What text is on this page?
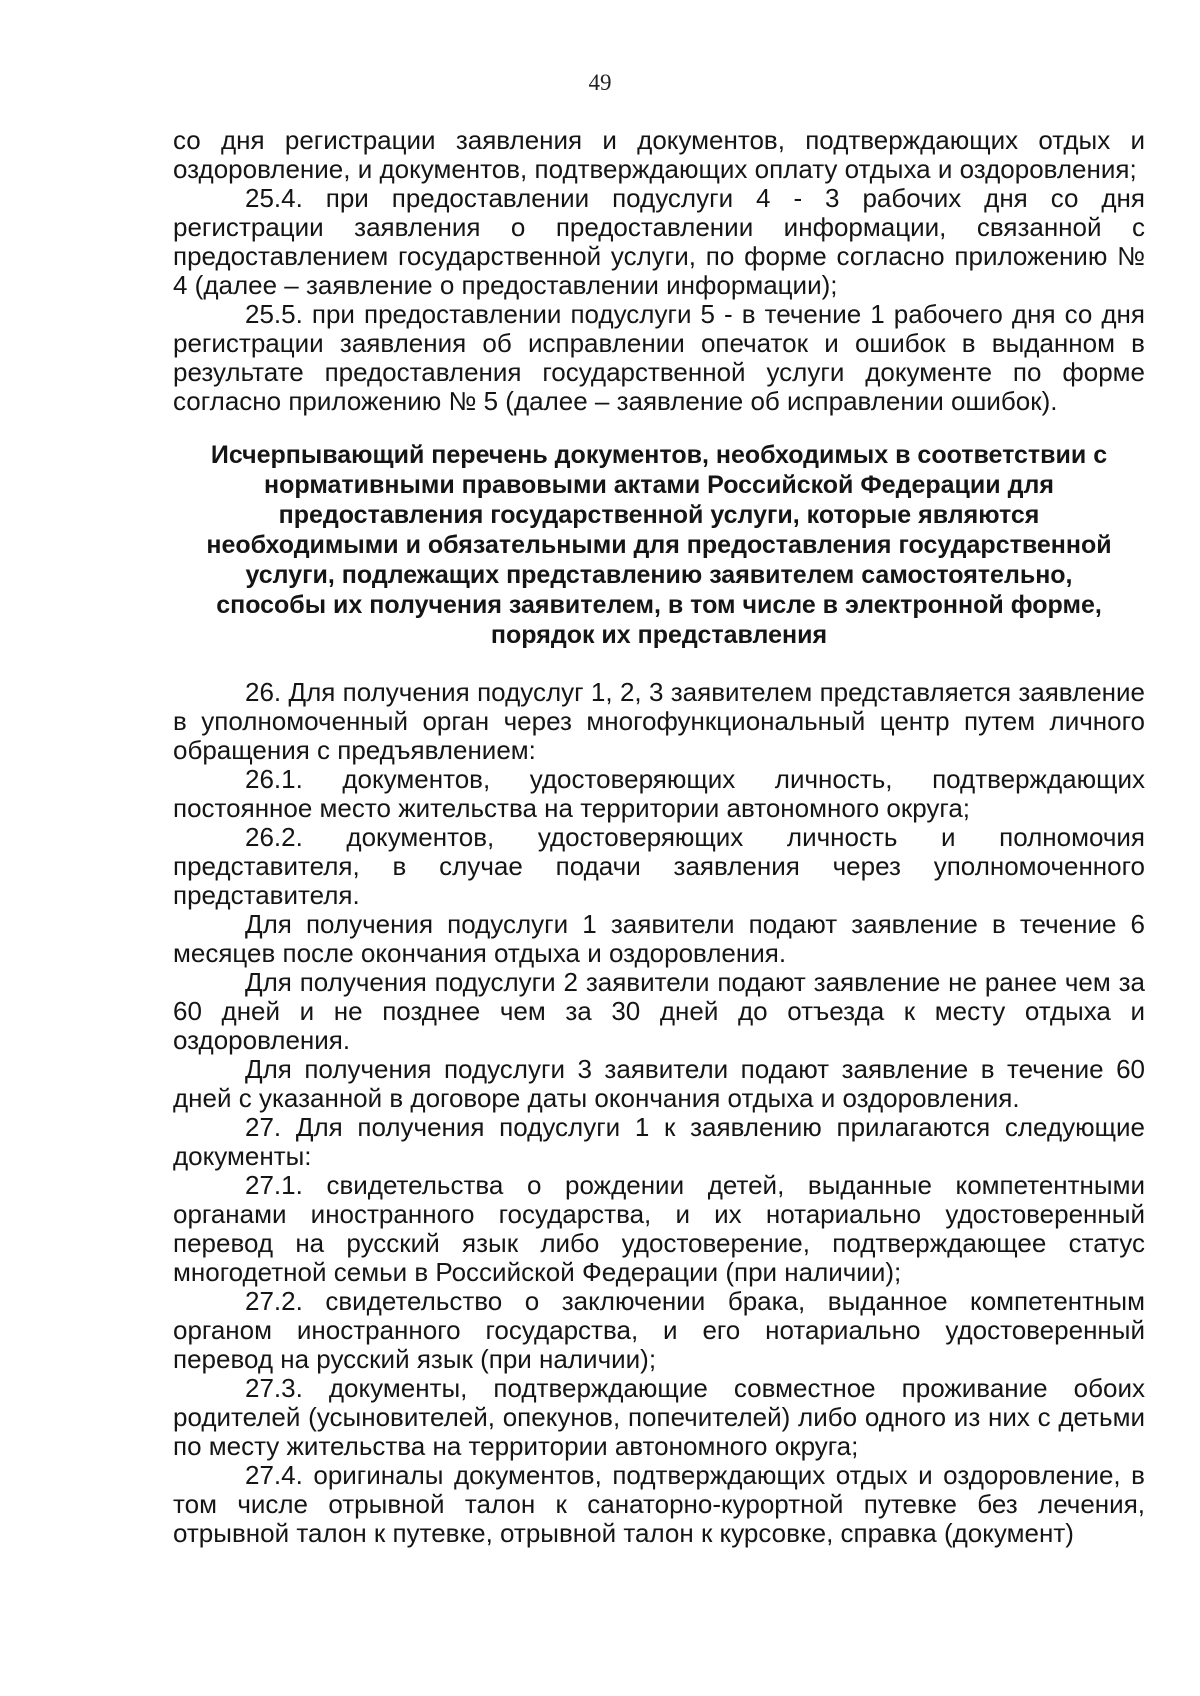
49

со дня регистрации заявления и документов, подтверждающих отдых и оздоровление, и документов, подтверждающих оплату отдыха и оздоровления;

25.4. при предоставлении подуслуги 4 - 3 рабочих дня со дня регистрации заявления о предоставлении информации, связанной с предоставлением государственной услуги, по форме согласно приложению № 4 (далее – заявление о предоставлении информации);

25.5. при предоставлении подуслуги 5 - в течение 1 рабочего дня со дня регистрации заявления об исправлении опечаток и ошибок в выданном в результате предоставления государственной услуги документе по форме согласно приложению № 5 (далее – заявление об исправлении ошибок).

Исчерпывающий перечень документов, необходимых в соответствии с нормативными правовыми актами Российской Федерации для предоставления государственной услуги, которые являются необходимыми и обязательными для предоставления государственной услуги, подлежащих представлению заявителем самостоятельно, способы их получения заявителем, в том числе в электронной форме, порядок их представления

26. Для получения подуслуг 1, 2, 3 заявителем представляется заявление в уполномоченный орган через многофункциональный центр путем личного обращения с предъявлением:

26.1. документов, удостоверяющих личность, подтверждающих постоянное место жительства на территории автономного округа;

26.2. документов, удостоверяющих личность и полномочия представителя, в случае подачи заявления через уполномоченного представителя.

Для получения подуслуги 1 заявители подают заявление в течение 6 месяцев после окончания отдыха и оздоровления.

Для получения подуслуги 2 заявители подают заявление не ранее чем за 60 дней и не позднее чем за 30 дней до отъезда к месту отдыха и оздоровления.

Для получения подуслуги 3 заявители подают заявление в течение 60 дней с указанной в договоре даты окончания отдыха и оздоровления.

27. Для получения подуслуги 1 к заявлению прилагаются следующие документы:

27.1. свидетельства о рождении детей, выданные компетентными органами иностранного государства, и их нотариально удостоверенный перевод на русский язык либо удостоверение, подтверждающее статус многодетной семьи в Российской Федерации (при наличии);

27.2. свидетельство о заключении брака, выданное компетентным органом иностранного государства, и его нотариально удостоверенный перевод на русский язык (при наличии);

27.3. документы, подтверждающие совместное проживание обоих родителей (усыновителей, опекунов, попечителей) либо одного из них с детьми по месту жительства на территории автономного округа;

27.4. оригиналы документов, подтверждающих отдых и оздоровление, в том числе отрывной талон к санаторно-курортной путевке без лечения, отрывной талон к путевке, отрывной талон к курсовке, справка (документ)
